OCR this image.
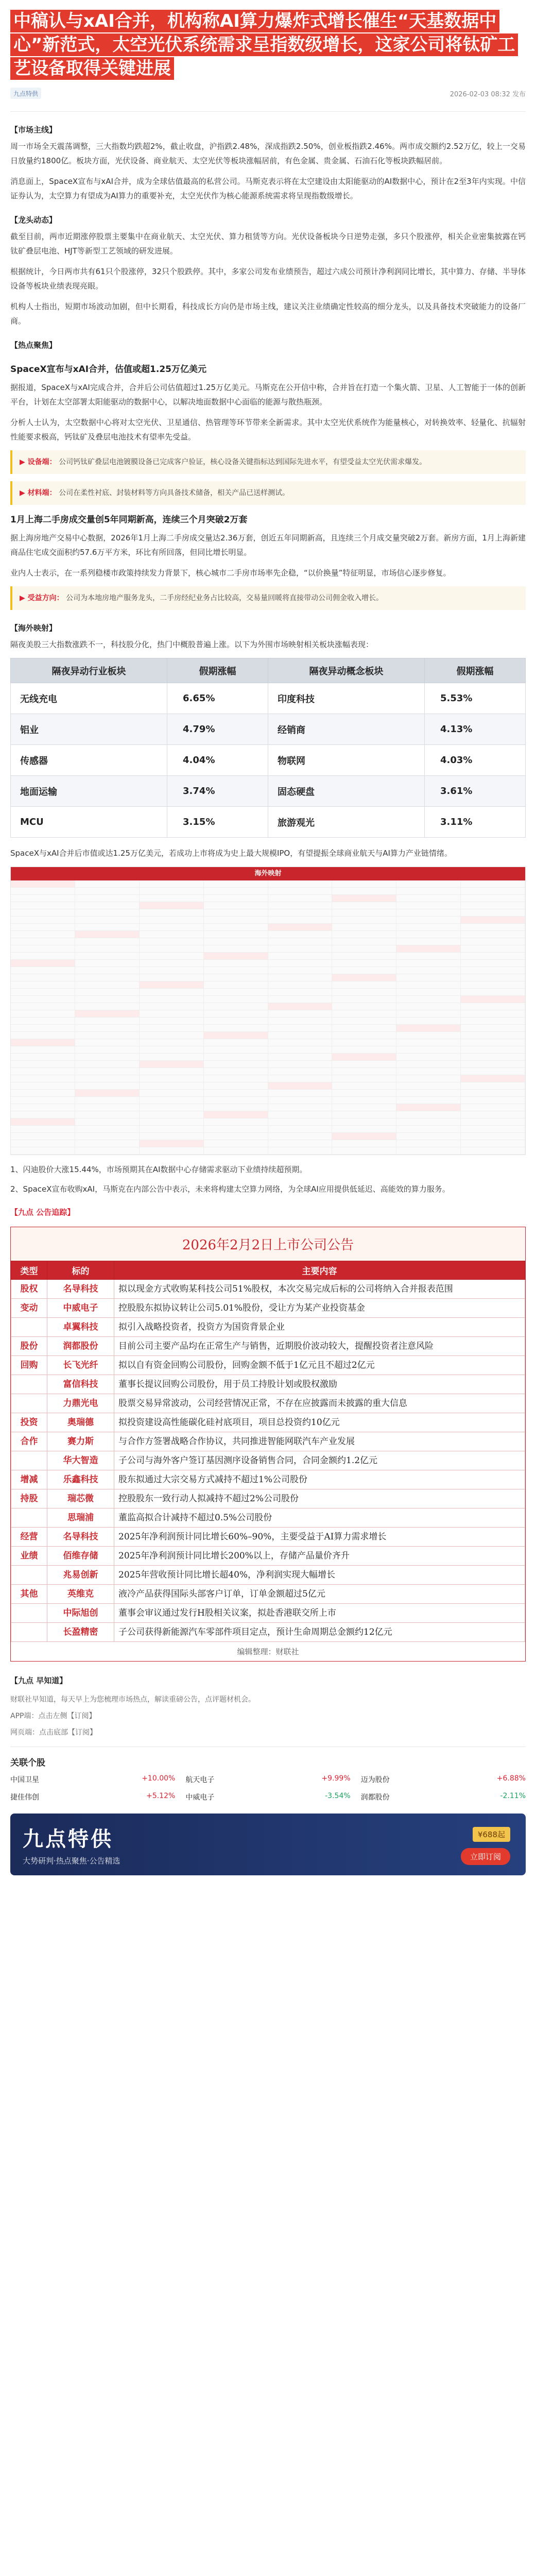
中稿认与xAI合并，机构称AI算力爆炸式增长催生“天基数据中心”新范式，太空光伏系统需求呈指数级增长，这家公司将钛矿工艺设备取得关键进展
九点特供	2026-02-03 08:32 发布
【市场主线】

周一市场全天震荡调整，三大指数均跌超2%，截止收盘，沪指跌2.48%，深成指跌2.50%，创业板指跌2.46%。两市成交额约2.52万亿，较上一交易日放量约1800亿。板块方面，光伏设备、商业航天、太空光伏等板块涨幅居前，有色金属、贵金属、石油石化等板块跌幅居前。

消息面上，SpaceX宣布与xAI合并，成为全球估值最高的私营公司。马斯克表示将在太空建设由太阳能驱动的AI数据中心，预计在2至3年内实现。中信证券认为，太空算力有望成为AI算力的重要补充，太空光伏作为核心能源系统需求将呈现指数级增长。

【龙头动态】

截至目前，两市近期涨停股票主要集中在商业航天、太空光伏、算力租赁等方向。光伏设备板块今日逆势走强，多只个股涨停，相关企业密集披露在钙钛矿叠层电池、HJT等新型工艺领域的研发进展。

根据统计，今日两市共有61只个股涨停，32只个股跌停。其中，多家公司发布业绩预告，超过六成公司预计净利润同比增长，其中算力、存储、半导体设备等板块业绩表现亮眼。

机构人士指出，短期市场波动加剧，但中长期看，科技成长方向仍是市场主线，建议关注业绩确定性较高的细分龙头，以及具备技术突破能力的设备厂商。

【热点聚焦】
SpaceX宣布与xAI合并，估值或超1.25万亿美元

据报道，SpaceX与xAI完成合并，合并后公司估值超过1.25万亿美元。马斯克在公开信中称，合并旨在打造一个集火箭、卫星、人工智能于一体的创新平台，计划在太空部署太阳能驱动的数据中心，以解决地面数据中心面临的能源与散热瓶颈。

分析人士认为，太空数据中心将对太空光伏、卫星通信、热管理等环节带来全新需求。其中太空光伏系统作为能量核心，对转换效率、轻量化、抗辐射性能要求极高，钙钛矿及叠层电池技术有望率先受益。

▶ 设备端： 公司钙钛矿叠层电池镀膜设备已完成客户验证，核心设备关键指标达到国际先进水平，有望受益太空光伏需求爆发。
▶ 材料端： 公司在柔性衬底、封装材料等方向具备技术储备，相关产品已送样测试。
1月上海二手房成交量创5年同期新高，连续三个月突破2万套

据上海房地产交易中心数据，2026年1月上海二手房成交量达2.36万套，创近五年同期新高，且连续三个月成交量突破2万套。新房方面，1月上海新建商品住宅成交面积约57.6万平方米，环比有所回落，但同比增长明显。

业内人士表示，在一系列稳楼市政策持续发力背景下，核心城市二手房市场率先企稳，“以价换量”特征明显，市场信心逐步修复。

▶ 受益方向： 公司为本地房地产服务龙头，二手房经纪业务占比较高，交易量回暖将直接带动公司佣金收入增长。
【海外映射】

隔夜美股三大指数涨跌不一，科技股分化，热门中概股普遍上涨。以下为外围市场映射相关板块涨幅表现：

隔夜异动行业板块	假期涨幅	隔夜异动概念板块	假期涨幅
无线充电	6.65%	印度科技	5.53%
铝业	4.79%	经销商	4.13%
传感器	4.04%	物联网	4.03%
地面运输	3.74%	固态硬盘	3.61%
MCU	3.15%	旅游观光	3.11%

SpaceX与xAI合并后市值或达1.25万亿美元，若成功上市将成为史上最大规模IPO，有望提振全球商业航天与AI算力产业链情绪。

海外映射

1、闪迪股价大涨15.44%，市场预期其在AI数据中心存储需求驱动下业绩持续超预期。

2、SpaceX宣布收购xAI，马斯克在内部公告中表示，未来将构建太空算力网络，为全球AI应用提供低延迟、高能效的算力服务。

【九点 公告追踪】
2026年2月2日上市公司公告
类型	标的	主要内容
股权	名导科技	拟以现金方式收购某科技公司51%股权，本次交易完成后标的公司将纳入合并报表范围
变动	中威电子	控股股东拟协议转让公司5.01%股份，受让方为某产业投资基金
	卓翼科技	拟引入战略投资者，投资方为国资背景企业
股份	润都股份	目前公司主要产品均在正常生产与销售，近期股价波动较大，提醒投资者注意风险
回购	长飞光纤	拟以自有资金回购公司股份，回购金额不低于1亿元且不超过2亿元
	富信科技	董事长提议回购公司股份，用于员工持股计划或股权激励
	力鼎光电	股票交易异常波动，公司经营情况正常，不存在应披露而未披露的重大信息
投资	奥瑞德	拟投资建设高性能碳化硅衬底项目，项目总投资约10亿元
合作	赛力斯	与合作方签署战略合作协议，共同推进智能网联汽车产业发展
	华大智造	子公司与海外客户签订基因测序设备销售合同，合同金额约1.2亿元
增减	乐鑫科技	股东拟通过大宗交易方式减持不超过1%公司股份
持股	瑞芯微	控股股东一致行动人拟减持不超过2%公司股份
	思瑞浦	董监高拟合计减持不超过0.5%公司股份
经营	名导科技	2025年净利润预计同比增长60%–90%，主要受益于AI算力需求增长
业绩	佰维存储	2025年净利润预计同比增长200%以上，存储产品量价齐升
	兆易创新	2025年营收预计同比增长超40%，净利润实现大幅增长
其他	英维克	液冷产品获得国际头部客户订单，订单金额超过5亿元
	中际旭创	董事会审议通过发行H股相关议案，拟赴香港联交所上市
	长盈精密	子公司获得新能源汽车零部件项目定点，预计生命周期总金额约12亿元
编辑整理：财联社
【九点 早知道】

财联社早知道，每天早上为您梳理市场热点，解读重磅公告，点评题材机会。

APP端：点击左侧【订阅】

网页端：点击底部【订阅】

关联个股
中国卫星	+10.00% 航天电子	+9.99% 迈为股份	+6.88%
捷佳伟创	+5.12% 中威电子	-3.54% 润都股份	-2.11%
九点特供
大势研判·热点聚焦·公告精选
¥688起
立即订阅
